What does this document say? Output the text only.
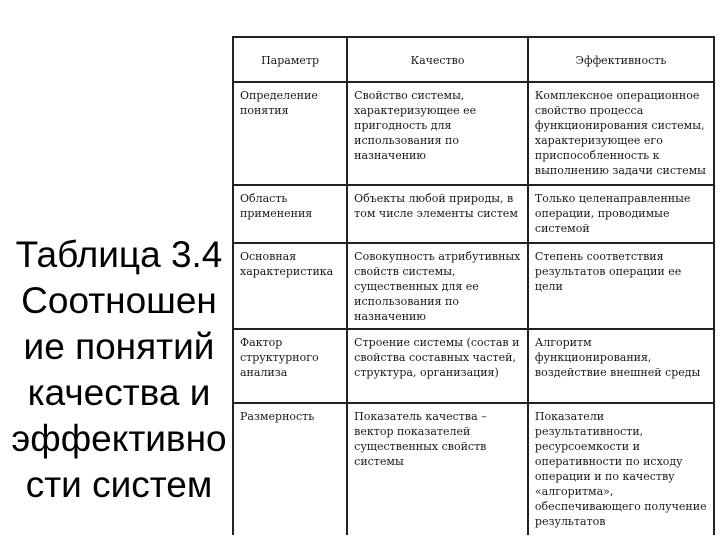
Таблица 3.4
Соотношен
ие понятий
качества и
эффективно
сти систем
Параметр	Качество	Эффективность
Определение понятия	Свойство системы, характеризующее ее пригодность для использования по назначению	Комплексное операционное свойство процесса функционирования системы, характеризующее его приспособленность к выполнению задачи системы
Область применения	Объекты любой природы, в том числе элементы систем	Только целенаправленные операции, проводимые системой
Основная характеристика	Совокупность атрибутивных свойств системы, существенных для ее использования по назначению	Степень соответствия результатов операции ее цели
Фактор структурного анализа	Строение системы (состав и свойства составных частей, структура, организация)	Алгоритм функционирования, воздействие внешней среды
Размерность	Показатель качества – вектор показателей существенных свойств системы	Показатели результативности, ресурсоемкости и оперативности по исходу операции и по качеству «алгоритма», обеспечивающего получение результатов
